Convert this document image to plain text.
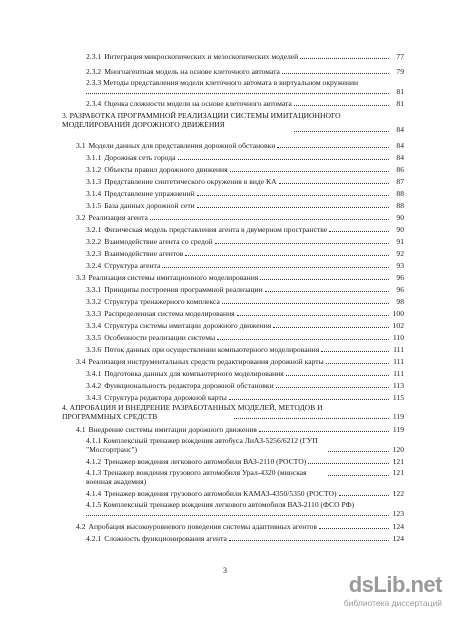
2.3.1 Интеграция микроскопических и мезоскопических моделей	77
2.3.2 Многоагентная модель на основе клеточного автомата	79
2.3.3 Методы представления модели клеточного автомата в виртуальном окружении
81
2.3.4 Оценка сложности модели на основе клеточного автомата	81
3. РАЗРАБОТКА ПРОГРАММНОЙ РЕАЛИЗАЦИИ СИСТЕМЫ ИМИТАЦИОННОГО МОДЕЛИРОВАНИЯ ДОРОЖНОГО ДВИЖЕНИЯ
84
3.1 Модели данных для представления дорожной обстановки	84
3.1.1 Дорожная сеть города	84
3.1.2 Объекты правил дорожного движения	86
3.1.3 Представление синтетического окружения в виде КА	87
3.1.4 Представление упражнений	88
3.1.5 База данных дорожной сети	88
3.2 Реализация агента	90
3.2.1 Физическая модель представления агента в двумерном пространстве	90
3.2.2 Взаимодействие агента со средой	91
3.2.3 Взаимодействие агентов	92
3.2.4 Структура агента	93
3.3 Реализация системы имитационного моделирования	96
3.3.1 Принципы построения программной реализации	96
3.3.2 Структура тренажерного комплекса	98
3.3.3 Распределенная система моделирования	100
3.3.4 Структура системы имитации дорожного движения	102
3.3.5 Особенности реализации системы	110
3.3.6 Поток данных при осуществлении компьютерного моделирования	111
3.4 Реализация инструментальных средств редактирования дорожной карты	111
3.4.1 Подготовка данных для компьютерного моделирования	111
3.4.2 Функциональность редактора дорожной обстановки	113
3.4.3 Структура редактора дорожной карты	115
4. АПРОБАЦИЯ И ВНЕДРЕНИЕ РАЗРАБОТАННЫХ МОДЕЛЕЙ, МЕТОДОВ И ПРОГРАММНЫХ СРЕДСТВ	119
4.1 Внедрение системы имитации дорожного движения	119
4.1.1 Комплексный тренажер вождения автобуса ЛиАЗ-5256/6212 (ГУП "Мосгортранс")	120
4.1.2 Тренажер вождения легкового автомобиля ВАЗ-2110 (РОСТО)	121
4.1.3 Тренажер вождения грузового автомобиля Урал-4320 (минская военная академия)
121
4.1.4 Тренажер вождения грузового автомобиля КАМАЗ-4350/5350 (РОСТО)	122
4.1.5 Комплексный тренажер вождения легкового автомобиля ВАЗ-2110 (ФСО РФ)
123
4.2 Апробация высокоуровневого поведения системы адаптивных агентов	124
4.2.1 Сложность функционирования агента	124
3
dsLib.net
библиотека диссертаций
